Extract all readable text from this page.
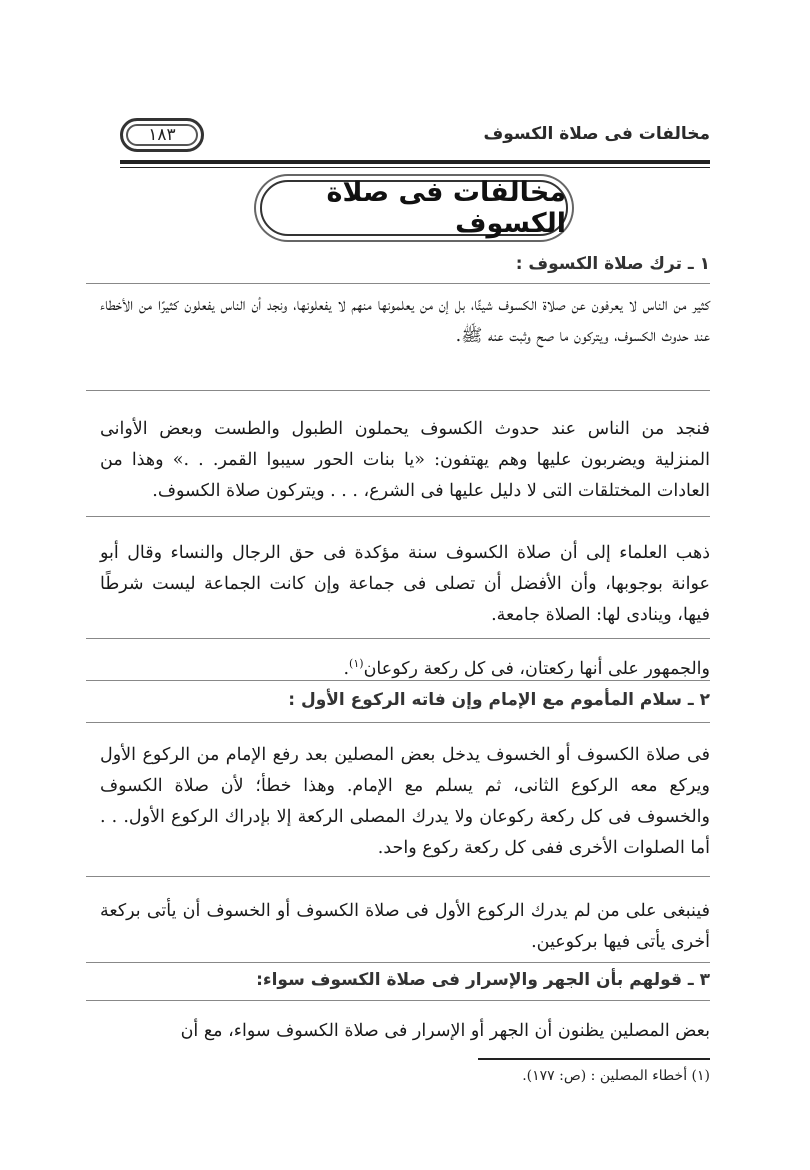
مخالفات فى صلاة الكسوف
١٨٣
مخالفات فى صلاة الكسوف
١ ـ ترك صلاة الكسوف :
كثير من الناس لا يعرفون عن صلاة الكسوف شيئًا، بل إن من يعلمونها منهم لا يفعلونها، ونجد أن الناس يفعلون كثيرًا من الأخطاء عند حدوث الكسوف، ويتركون ما صح وثبت عنه ﷺ.
فنجد من الناس عند حدوث الكسوف يحملون الطبول والطست وبعض الأوانى المنزلية ويضربون عليها وهم يهتفون: «يا بنات الحور سيبوا القمر. . .» وهذا من العادات المختلقات التى لا دليل عليها فى الشرع، . . . ويتركون صلاة الكسوف.
ذهب العلماء إلى أن صلاة الكسوف سنة مؤكدة فى حق الرجال والنساء وقال أبو عوانة بوجوبها، وأن الأفضل أن تصلى فى جماعة وإن كانت الجماعة ليست شرطًا فيها، وينادى لها: الصلاة جامعة.
والجمهور على أنها ركعتان، فى كل ركعة ركوعان$^{(١)}$.
٢ ـ سلام المأموم مع الإمام وإن فاته الركوع الأول :
فى صلاة الكسوف أو الخسوف يدخل بعض المصلين بعد رفع الإمام من الركوع الأول ويركع معه الركوع الثانى، ثم يسلم مع الإمام. وهذا خطأ؛ لأن صلاة الكسوف والخسوف فى كل ركعة ركوعان ولا يدرك المصلى الركعة إلا بإدراك الركوع الأول. . . أما الصلوات الأخرى ففى كل ركعة ركوع واحد.
فينبغى على من لم يدرك الركوع الأول فى صلاة الكسوف أو الخسوف أن يأتى بركعة أخرى يأتى فيها بركوعين.
٣ ـ قولهم بأن الجهر والإسرار فى صلاة الكسوف سواء:
بعض المصلين يظنون أن الجهر أو الإسرار فى صلاة الكسوف سواء، مع أن
(١) أخطاء المصلين : (ص: ١٧٧).
